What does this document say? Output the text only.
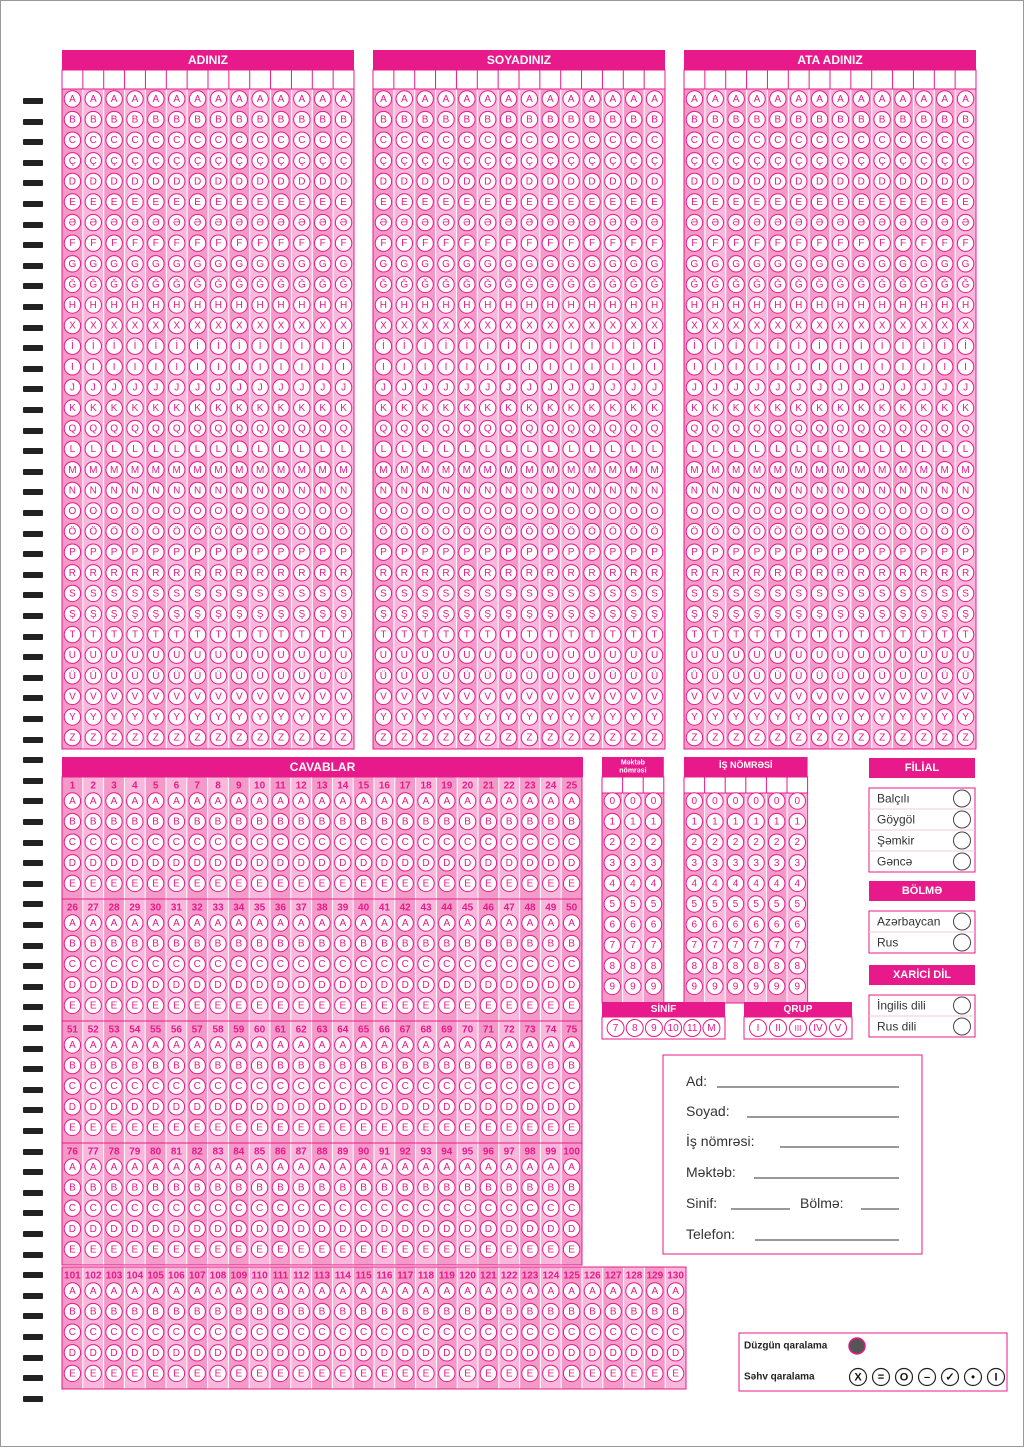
ADINIZ
A A A A A A A A A A A A A A
B B B B B B B B B B B B B B
C C C C C C C C C C C C C C
Ç Ç Ç Ç Ç Ç Ç Ç Ç Ç Ç Ç Ç Ç
D D D D D D D D D D D D D D
E E E E E E E E E E E E E E
Ə Ə Ə Ə Ə Ə Ə Ə Ə Ə Ə Ə Ə Ə
F F F F F F F F F F F F F F
G G G G G G G G G G G G G G
Ğ Ğ Ğ Ğ Ğ Ğ Ğ Ğ Ğ Ğ Ğ Ğ Ğ Ğ
H H H H H H H H H H H H H H
X X X X X X X X X X X X X X
İ İ İ İ İ İ İ İ İ İ İ İ İ İ
I I I I I I I I I I I I I I
J J J J J J J J J J J J J J
K K K K K K K K K K K K K K
Q Q Q Q Q Q Q Q Q Q Q Q Q Q
L L L L L L L L L L L L L L
M M M M M M M M M M M M M M
N N N N N N N N N N N N N N
O O O O O O O O O O O O O O
Ö Ö Ö Ö Ö Ö Ö Ö Ö Ö Ö Ö Ö Ö
P P P P P P P P P P P P P P
R R R R R R R R R R R R R R
S S S S S S S S S S S S S S
Ş Ş Ş Ş Ş Ş Ş Ş Ş Ş Ş Ş Ş Ş
T T T T T T T T T T T T T T
U U U U U U U U U U U U U U
Ü Ü Ü Ü Ü Ü Ü Ü Ü Ü Ü Ü Ü Ü
V V V V V V V V V V V V V V
Y Y Y Y Y Y Y Y Y Y Y Y Y Y
Z Z Z Z Z Z Z Z Z Z Z Z Z Z
SOYADINIZ
A A A A A A A A A A A A A A
B B B B B B B B B B B B B B
C C C C C C C C C C C C C C
Ç Ç Ç Ç Ç Ç Ç Ç Ç Ç Ç Ç Ç Ç
D D D D D D D D D D D D D D
E E E E E E E E E E E E E E
Ə Ə Ə Ə Ə Ə Ə Ə Ə Ə Ə Ə Ə Ə
F F F F F F F F F F F F F F
G G G G G G G G G G G G G G
Ğ Ğ Ğ Ğ Ğ Ğ Ğ Ğ Ğ Ğ Ğ Ğ Ğ Ğ
H H H H H H H H H H H H H H
X X X X X X X X X X X X X X
İ İ İ İ İ İ İ İ İ İ İ İ İ İ
I I I I I I I I I I I I I I
J J J J J J J J J J J J J J
K K K K K K K K K K K K K K
Q Q Q Q Q Q Q Q Q Q Q Q Q Q
L L L L L L L L L L L L L L
M M M M M M M M M M M M M M
N N N N N N N N N N N N N N
O O O O O O O O O O O O O O
Ö Ö Ö Ö Ö Ö Ö Ö Ö Ö Ö Ö Ö Ö
P P P P P P P P P P P P P P
R R R R R R R R R R R R R R
S S S S S S S S S S S S S S
Ş Ş Ş Ş Ş Ş Ş Ş Ş Ş Ş Ş Ş Ş
T T T T T T T T T T T T T T
U U U U U U U U U U U U U U
Ü Ü Ü Ü Ü Ü Ü Ü Ü Ü Ü Ü Ü Ü
V V V V V V V V V V V V V V
Y Y Y Y Y Y Y Y Y Y Y Y Y Y
Z Z Z Z Z Z Z Z Z Z Z Z Z Z
ATA ADINIZ
A A A A A A A A A A A A A A
B B B B B B B B B B B B B B
C C C C C C C C C C C C C C
Ç Ç Ç Ç Ç Ç Ç Ç Ç Ç Ç Ç Ç Ç
D D D D D D D D D D D D D D
E E E E E E E E E E E E E E
Ə Ə Ə Ə Ə Ə Ə Ə Ə Ə Ə Ə Ə Ə
F F F F F F F F F F F F F F
G G G G G G G G G G G G G G
Ğ Ğ Ğ Ğ Ğ Ğ Ğ Ğ Ğ Ğ Ğ Ğ Ğ Ğ
H H H H H H H H H H H H H H
X X X X X X X X X X X X X X
İ İ İ İ İ İ İ İ İ İ İ İ İ İ
I I I I I I I I I I I I I I
J J J J J J J J J J J J J J
K K K K K K K K K K K K K K
Q Q Q Q Q Q Q Q Q Q Q Q Q Q
L L L L L L L L L L L L L L
M M M M M M M M M M M M M M
N N N N N N N N N N N N N N
O O O O O O O O O O O O O O
Ö Ö Ö Ö Ö Ö Ö Ö Ö Ö Ö Ö Ö Ö
P P P P P P P P P P P P P P
R R R R R R R R R R R R R R
S S S S S S S S S S S S S S
Ş Ş Ş Ş Ş Ş Ş Ş Ş Ş Ş Ş Ş Ş
T T T T T T T T T T T T T T
U U U U U U U U U U U U U U
Ü Ü Ü Ü Ü Ü Ü Ü Ü Ü Ü Ü Ü Ü
V V V V V V V V V V V V V V
Y Y Y Y Y Y Y Y Y Y Y Y Y Y
Z Z Z Z Z Z Z Z Z Z Z Z Z Z
CAVABLAR
1
A
B
C
D
E
2
A
B
C
D
E
3
A
B
C
D
E
4
A
B
C
D
E
5
A
B
C
D
E
6
A
B
C
D
E
7
A
B
C
D
E
8
A
B
C
D
E
9
A
B
C
D
E
10
A
B
C
D
E
11
A
B
C
D
E
12
A
B
C
D
E
13
A
B
C
D
E
14
A
B
C
D
E
15
A
B
C
D
E
16
A
B
C
D
E
17
A
B
C
D
E
18
A
B
C
D
E
19
A
B
C
D
E
20
A
B
C
D
E
21
A
B
C
D
E
22
A
B
C
D
E
23
A
B
C
D
E
24
A
B
C
D
E
25
A
B
C
D
E
26
A
B
C
D
E
27
A
B
C
D
E
28
A
B
C
D
E
29
A
B
C
D
E
30
A
B
C
D
E
31
A
B
C
D
E
32
A
B
C
D
E
33
A
B
C
D
E
34
A
B
C
D
E
35
A
B
C
D
E
36
A
B
C
D
E
37
A
B
C
D
E
38
A
B
C
D
E
39
A
B
C
D
E
40
A
B
C
D
E
41
A
B
C
D
E
42
A
B
C
D
E
43
A
B
C
D
E
44
A
B
C
D
E
45
A
B
C
D
E
46
A
B
C
D
E
47
A
B
C
D
E
48
A
B
C
D
E
49
A
B
C
D
E
50
A
B
C
D
E
51
A
B
C
D
E
52
A
B
C
D
E
53
A
B
C
D
E
54
A
B
C
D
E
55
A
B
C
D
E
56
A
B
C
D
E
57
A
B
C
D
E
58
A
B
C
D
E
59
A
B
C
D
E
60
A
B
C
D
E
61
A
B
C
D
E
62
A
B
C
D
E
63
A
B
C
D
E
64
A
B
C
D
E
65
A
B
C
D
E
66
A
B
C
D
E
67
A
B
C
D
E
68
A
B
C
D
E
69
A
B
C
D
E
70
A
B
C
D
E
71
A
B
C
D
E
72
A
B
C
D
E
73
A
B
C
D
E
74
A
B
C
D
E
75
A
B
C
D
E
76
A
B
C
D
E
77
A
B
C
D
E
78
A
B
C
D
E
79
A
B
C
D
E
80
A
B
C
D
E
81
A
B
C
D
E
82
A
B
C
D
E
83
A
B
C
D
E
84
A
B
C
D
E
85
A
B
C
D
E
86
A
B
C
D
E
87
A
B
C
D
E
88
A
B
C
D
E
89
A
B
C
D
E
90
A
B
C
D
E
91
A
B
C
D
E
92
A
B
C
D
E
93
A
B
C
D
E
94
A
B
C
D
E
95
A
B
C
D
E
96
A
B
C
D
E
97
A
B
C
D
E
98
A
B
C
D
E
99
A
B
C
D
E
100
A
B
C
D
E
101
A
B
C
D
E
102
A
B
C
D
E
103
A
B
C
D
E
104
A
B
C
D
E
105
A
B
C
D
E
106
A
B
C
D
E
107
A
B
C
D
E
108
A
B
C
D
E
109
A
B
C
D
E
110
A
B
C
D
E
111
A
B
C
D
E
112
A
B
C
D
E
113
A
B
C
D
E
114
A
B
C
D
E
115
A
B
C
D
E
116
A
B
C
D
E
117
A
B
C
D
E
118
A
B
C
D
E
119
A
B
C
D
E
120
A
B
C
D
E
121
A
B
C
D
E
122
A
B
C
D
E
123
A
B
C
D
E
124
A
B
C
D
E
125
A
B
C
D
E
126
A
B
C
D
E
127
A
B
C
D
E
128
A
B
C
D
E
129
A
B
C
D
E
130
A
B
C
D
E
Məktəb
nömrəsi
0
1
2
3
4
5
6
7
8
9
0
1
2
3
4
5
6
7
8
9
0
1
2
3
4
5
6
7
8
9
İŞ NÖMRƏSİ
0
1
2
3
4
5
6
7
8
9
0
1
2
3
4
5
6
7
8
9
0
1
2
3
4
5
6
7
8
9
0
1
2
3
4
5
6
7
8
9
0
1
2
3
4
5
6
7
8
9
0
1
2
3
4
5
6
7
8
9
SİNİF
7 8 9 10 11 M
QRUP
I II III IV V
FİLİAL
Balçılı
Göygöl
Şəmkir
Gəncə
BÖLMƏ
Azərbaycan
Rus
XARİCİ DİL
İngilis dili
Rus dili
Ad:
Soyad:
İş nömrəsi:
Məktəb:
Telefon:
Sinif:	Bölmə:
Düzgün qaralama
Səhv qaralama	X = O – ✓ • I
